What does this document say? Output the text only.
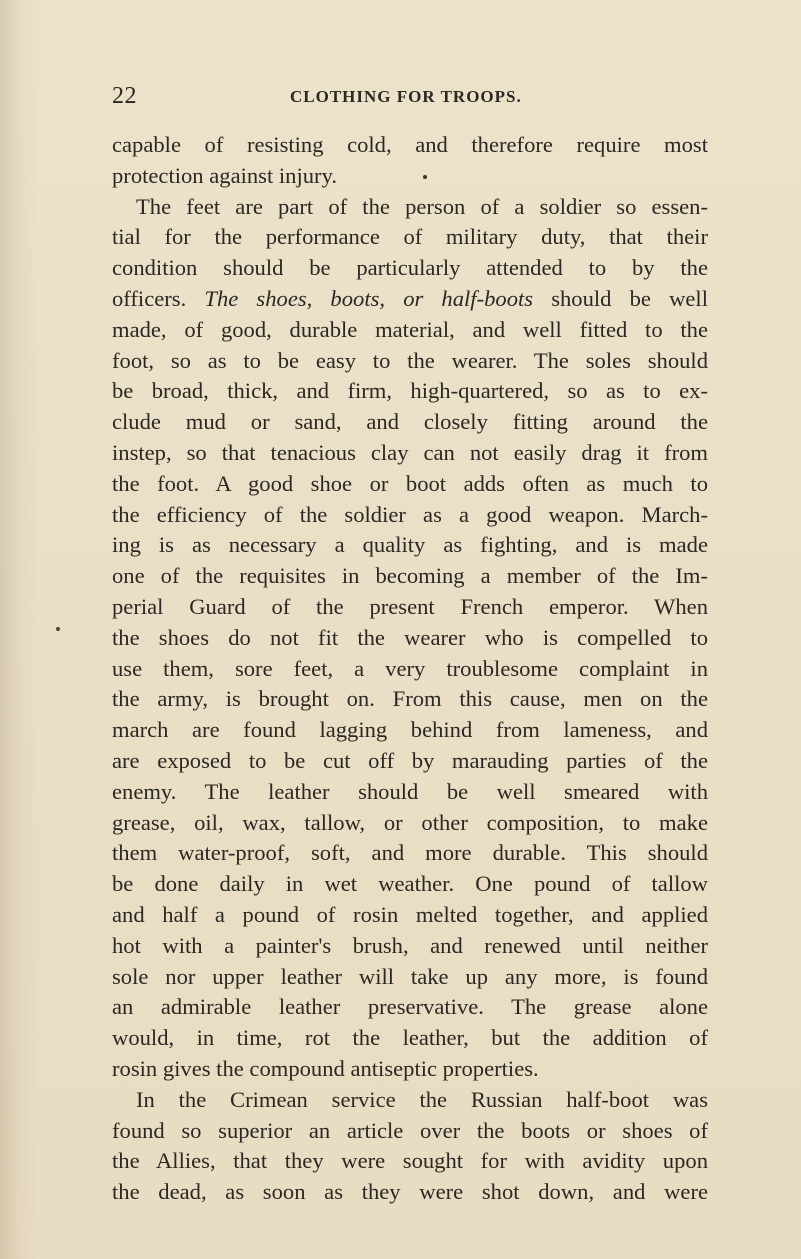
22	CLOTHING FOR TROOPS.
capable of resisting cold, and therefore require most
protection against injury.
The feet are part of the person of a soldier so essen-
tial for the performance of military duty, that their
condition should be particularly attended to by the
officers. The shoes, boots, or half-boots should be well
made, of good, durable material, and well fitted to the
foot, so as to be easy to the wearer. The soles should
be broad, thick, and firm, high-quartered, so as to ex-
clude mud or sand, and closely fitting around the
instep, so that tenacious clay can not easily drag it from
the foot. A good shoe or boot adds often as much to
the efficiency of the soldier as a good weapon. March-
ing is as necessary a quality as fighting, and is made
one of the requisites in becoming a member of the Im-
perial Guard of the present French emperor. When
the shoes do not fit the wearer who is compelled to
use them, sore feet, a very troublesome complaint in
the army, is brought on. From this cause, men on the
march are found lagging behind from lameness, and
are exposed to be cut off by marauding parties of the
enemy. The leather should be well smeared with
grease, oil, wax, tallow, or other composition, to make
them water-proof, soft, and more durable. This should
be done daily in wet weather. One pound of tallow
and half a pound of rosin melted together, and applied
hot with a painter's brush, and renewed until neither
sole nor upper leather will take up any more, is found
an admirable leather preservative. The grease alone
would, in time, rot the leather, but the addition of
rosin gives the compound antiseptic properties.
In the Crimean service the Russian half-boot was
found so superior an article over the boots or shoes of
the Allies, that they were sought for with avidity upon
the dead, as soon as they were shot down, and were
